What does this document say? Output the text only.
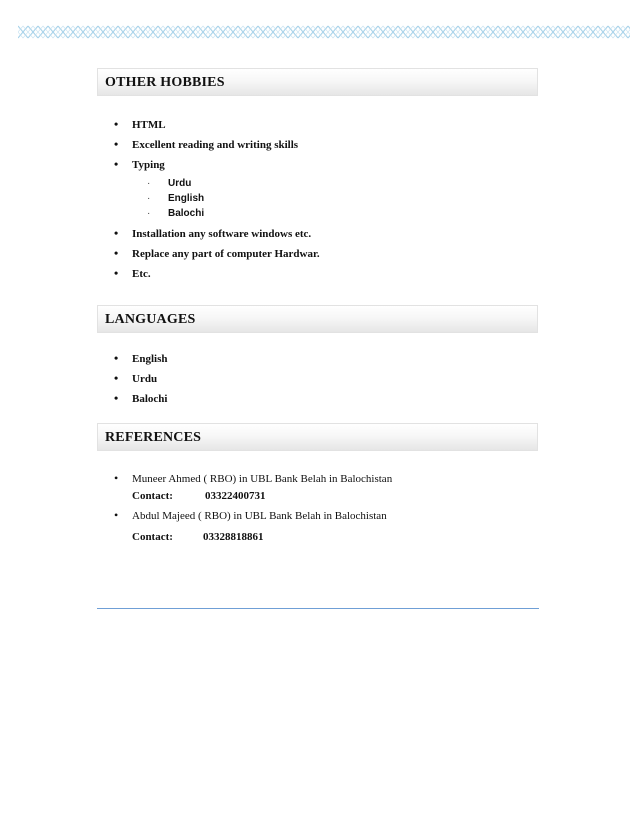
OTHER HOBBIES
• HTML
• Excellent reading and writing skills
• Typing
· Urdu
· English
· Balochi
• Installation any software windows etc.
• Replace any part of computer Hardwar.
• Etc.
LANGUAGES
• English
• Urdu
• Balochi
REFERENCES
• Muneer Ahmed ( RBO) in UBL Bank Belah in Balochistan
Contact:	03322400731
• Abdul Majeed ( RBO) in UBL Bank Belah in Balochistan
Contact:	03328818861
